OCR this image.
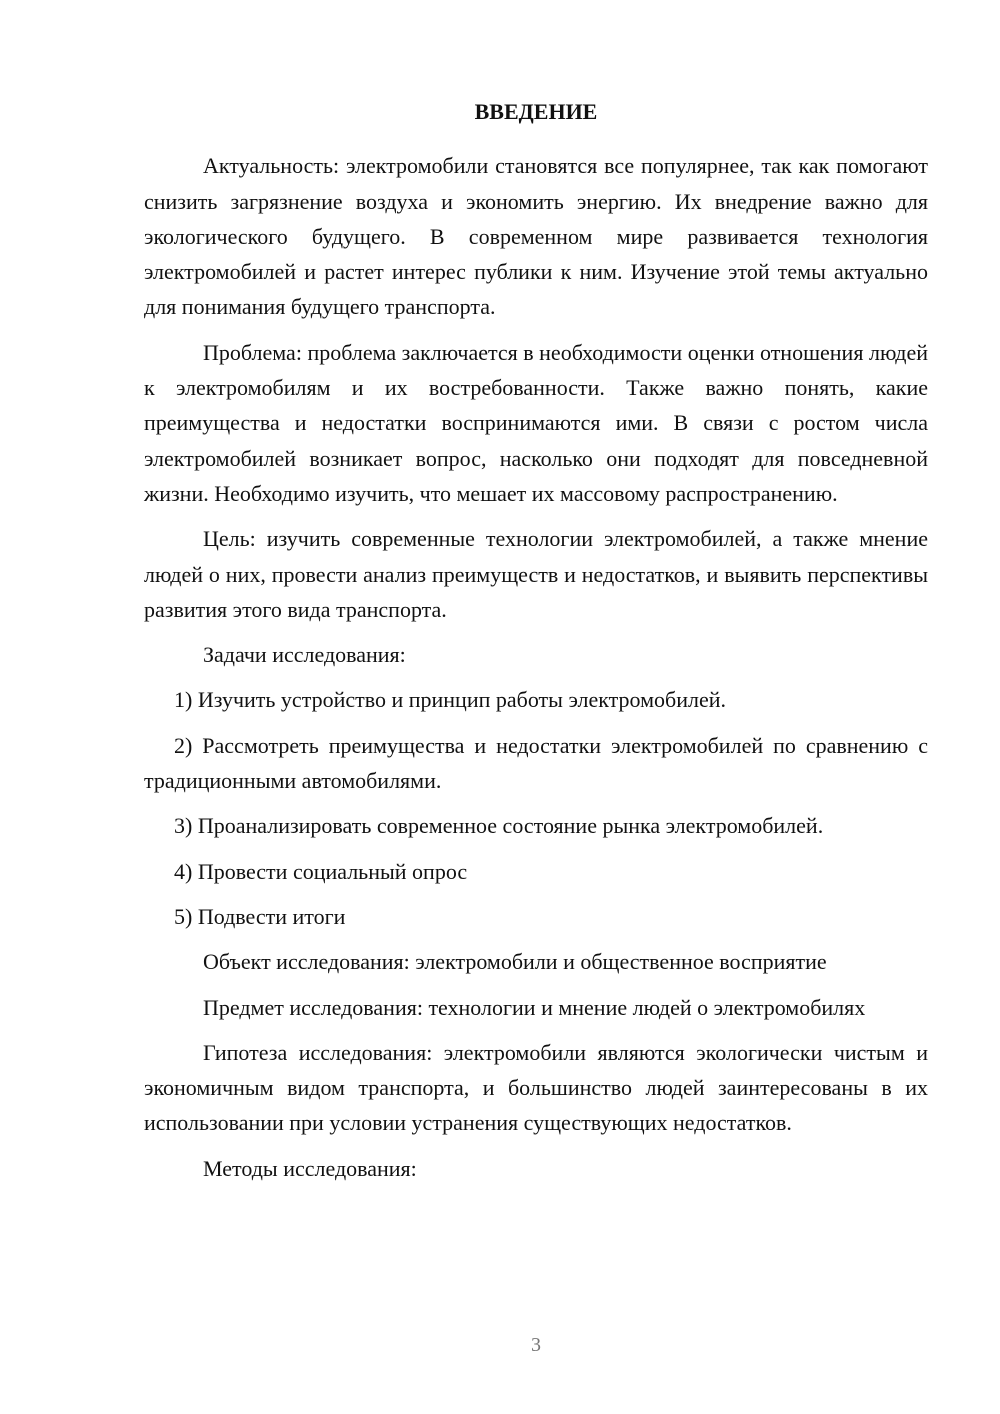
ВВЕДЕНИЕ

Актуальность: электромобили становятся все популярнее, так как помогают снизить загрязнение воздуха и экономить энергию. Их внедрение важно для экологического будущего. В современном мире развивается технология электромобилей и растет интерес публики к ним. Изучение этой темы актуально для понимания будущего транспорта.

Проблема: проблема заключается в необходимости оценки отношения людей к электромобилям и их востребованности. Также важно понять, какие преимущества и недостатки воспринимаются ими. В связи с ростом числа электромобилей возникает вопрос, насколько они подходят для повседневной жизни. Необходимо изучить, что мешает их массовому распространению.

Цель: изучить современные технологии электромобилей, а также мнение людей о них, провести анализ преимуществ и недостатков, и выявить перспективы развития этого вида транспорта.

Задачи исследования:

1) Изучить устройство и принцип работы электромобилей.

2) Рассмотреть преимущества и недостатки электромобилей по сравнению с традиционными автомобилями.

3) Проанализировать современное состояние рынка электромобилей.

4) Провести социальный опрос

5) Подвести итоги

Объект исследования: электромобили и общественное восприятие

Предмет исследования: технологии и мнение людей о электромобилях

Гипотеза исследования: электромобили являются экологически чистым и экономичным видом транспорта, и большинство людей заинтересованы в их использовании при условии устранения существующих недостатков.

Методы исследования:

3
